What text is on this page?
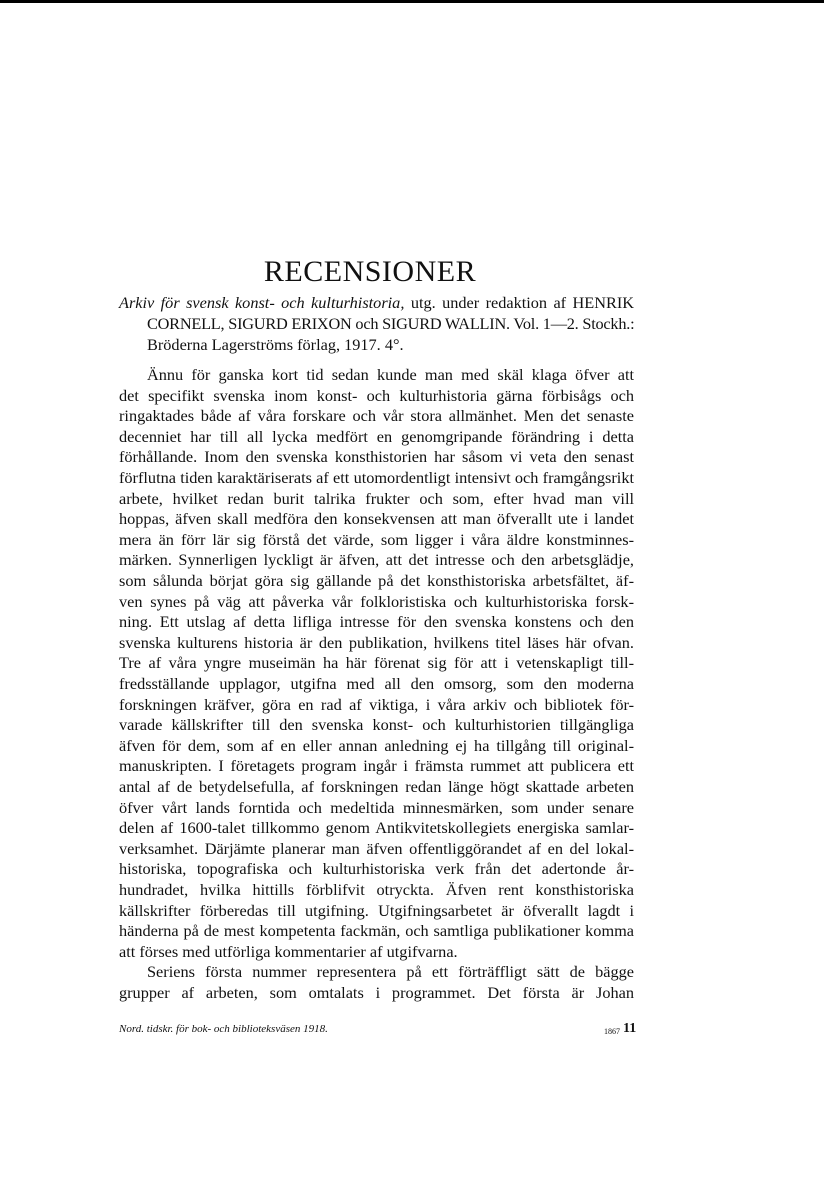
RECENSIONER
Arkiv för svensk konst- och kulturhistoria, utg. under redaktion af HENRIK
CORNELL, SIGURD ERIXON och SIGURD WALLIN. Vol. 1—2. Stockh.:
Bröderna Lagerströms förlag, 1917. 4°.
Ännu för ganska kort tid sedan kunde man med skäl klaga öfver att
det specifikt svenska inom konst- och kulturhistoria gärna förbisågs och
ringaktades både af våra forskare och vår stora allmänhet. Men det senaste
decenniet har till all lycka medfört en genomgripande förändring i detta
förhållande. Inom den svenska konsthistorien har såsom vi veta den senast
förflutna tiden karaktäriserats af ett utomordentligt intensivt och framgångsrikt
arbete, hvilket redan burit talrika frukter och som, efter hvad man vill
hoppas, äfven skall medföra den konsekvensen att man öfverallt ute i landet
mera än förr lär sig förstå det värde, som ligger i våra äldre konstminnes-
märken. Synnerligen lyckligt är äfven, att det intresse och den arbetsglädje,
som sålunda börjat göra sig gällande på det konsthistoriska arbetsfältet, äf-
ven synes på väg att påverka vår folkloristiska och kulturhistoriska forsk-
ning. Ett utslag af detta lifliga intresse för den svenska konstens och den
svenska kulturens historia är den publikation, hvilkens titel läses här ofvan.
Tre af våra yngre museimän ha här förenat sig för att i vetenskapligt till-
fredsställande upplagor, utgifna med all den omsorg, som den moderna
forskningen kräfver, göra en rad af viktiga, i våra arkiv och bibliotek för-
varade källskrifter till den svenska konst- och kulturhistorien tillgängliga
äfven för dem, som af en eller annan anledning ej ha tillgång till original-
manuskripten. I företagets program ingår i främsta rummet att publicera ett
antal af de betydelsefulla, af forskningen redan länge högt skattade arbeten
öfver vårt lands forntida och medeltida minnesmärken, som under senare
delen af 1600-talet tillkommo genom Antikvitetskollegiets energiska samlar-
verksamhet. Därjämte planerar man äfven offentliggörandet af en del lokal-
historiska, topografiska och kulturhistoriska verk från det adertonde år-
hundradet, hvilka hittills förblifvit otryckta. Äfven rent konsthistoriska
källskrifter förberedas till utgifning. Utgifningsarbetet är öfverallt lagdt i
händerna på de mest kompetenta fackmän, och samtliga publikationer komma
att förses med utförliga kommentarier af utgifvarna.
Seriens första nummer representera på ett förträffligt sätt de bägge
grupper af arbeten, som omtalats i programmet. Det första är Johan
Nord. tidskr. för bok- och biblioteksväsen 1918.	1867 11
